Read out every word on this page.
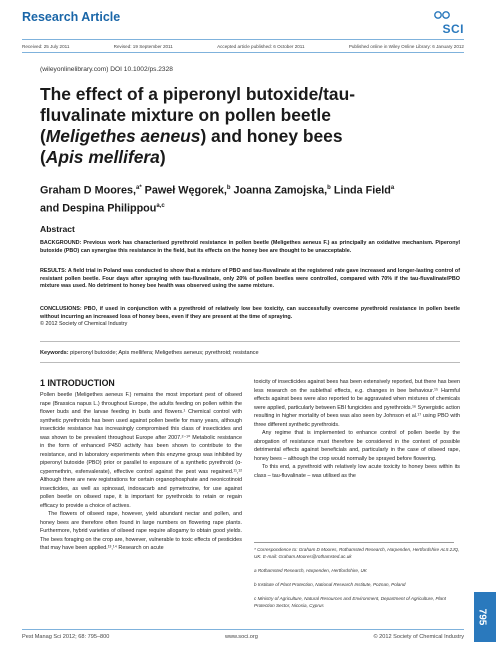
Research Article
SCI
Received: 25 July 2011	Revised: 19 September 2011	Accepted article published: 6 October 2011	Published online in Wiley Online Library: 6 January 2012
(wileyonlinelibrary.com) DOI 10.1002/ps.2328
The effect of a piperonyl butoxide/tau-
fluvalinate mixture on pollen beetle
(Meligethes aeneus) and honey bees
(Apis mellifera)
Graham D Moores,$^{a*}$ Paweł Węgorek,$^b$ Joanna Zamojska,$^b$ Linda Field$^a$
and Despina Philippou$^{a,c}$
Abstract
BACKGROUND: Previous work has characterised pyrethroid resistance in pollen beetle (Meligethes aeneus F.) as principally an oxidative mechanism. Piperonyl butoxide (PBO) can synergise this resistance in the field, but its effects on the honey bee are thought to be unacceptable.
RESULTS: A field trial in Poland was conducted to show that a mixture of PBO and tau-fluvalinate at the registered rate gave increased and longer-lasting control of resistant pollen beetle. Four days after spraying with tau-fluvalinate, only 20% of pollen beetles were controlled, compared with 70% if the tau-fluvalinate/PBO mixture was used. No detriment to honey bee health was observed using the same mixture.
CONCLUSIONS: PBO, if used in conjunction with a pyrethroid of relatively low bee toxicity, can successfully overcome pyrethroid resistance in pollen beetle without incurring an increased loss of honey bees, even if they are present at the time of spraying.
© 2012 Society of Chemical Industry
Keywords: piperonyl butoxide; Apis mellifera; Meligethes aeneus; pyrethroid; resistance
1 INTRODUCTION

Pollen beetle (Meligethes aeneus F.) remains the most important pest of oilseed rape (Brassica napus L.) throughout Europe, the adults feeding on pollen within the flower buds and the larvae feeding in buds and flowers.¹ Chemical control with synthetic pyrethroids has been used against pollen beetle for many years, although insecticide resistance has increasingly compromised this class of insecticides and was shown to be prevalent throughout Europe after 2007.²⁻¹⁰ Metabolic resistance in the form of enhanced P450 activity has been shown to contribute to the resistance, and in laboratory experiments when this enzyme group was inhibited by piperonyl butoxide (PBO) prior or parallel to exposure of a synthetic pyrethroid (α-cypermethrin, esfenvalerate), effective control against the pest was regained.¹¹,¹² Although there are new registrations for certain organophosphate and neonicotinoid insecticides, as well as spinosad, indoxacarb and pymetrozine, for use against pollen beetle on oilseed rape, it is important for pyrethroids to retain or regain efficacy to provide a choice of actives.

The flowers of oilseed rape, however, yield abundant nectar and pollen, and honey bees are therefore often found in large numbers on flowering rape plants. Furthermore, hybrid varieties of oilseed rape require allogamy to obtain good yields. The bees foraging on the crop are, however, vulnerable to toxic effects of pesticides that may have been applied.¹³,¹⁴ Research on acute

toxicity of insecticides against bees has been extensively reported, but there has been less research on the sublethal effects, e.g. changes in bee behaviour.¹⁵ Harmful effects against bees were also reported to be aggravated when mixtures of chemicals were applied, particularly between EBI fungicides and pyrethroids.¹⁶ Synergistic action resulting in higher mortality of bees was also seen by Johnson et al.¹⁷ using PBO with three different synthetic pyrethroids.

Any regime that is implemented to enhance control of pollen beetle by the abrogation of resistance must therefore be considered in the context of possible detrimental effects against beneficials and, particularly in the case of oilseed rape, honey bees – although the crop would normally be sprayed before flowering.

To this end, a pyrethroid with relatively low acute toxicity to honey bees within its class – tau-fluvalinate – was utilised as the

* Correspondence to: Graham D Moores, Rothamsted Research, Harpenden, Hertfordshire AL5 2JQ, UK. E-mail: Graham.Moores@rothamsted.ac.uk
a Rothamsted Research, Harpenden, Hertfordshire, UK
b Institute of Plant Protection, National Research Institute, Poznan, Poland
c Ministry of Agriculture, Natural Resources and Environment, Department of Agriculture, Plant Protection Sector, Nicosia, Cyprus
795
Pest Manag Sci 2012; 68: 795–800	www.soci.org	© 2012 Society of Chemical Industry
